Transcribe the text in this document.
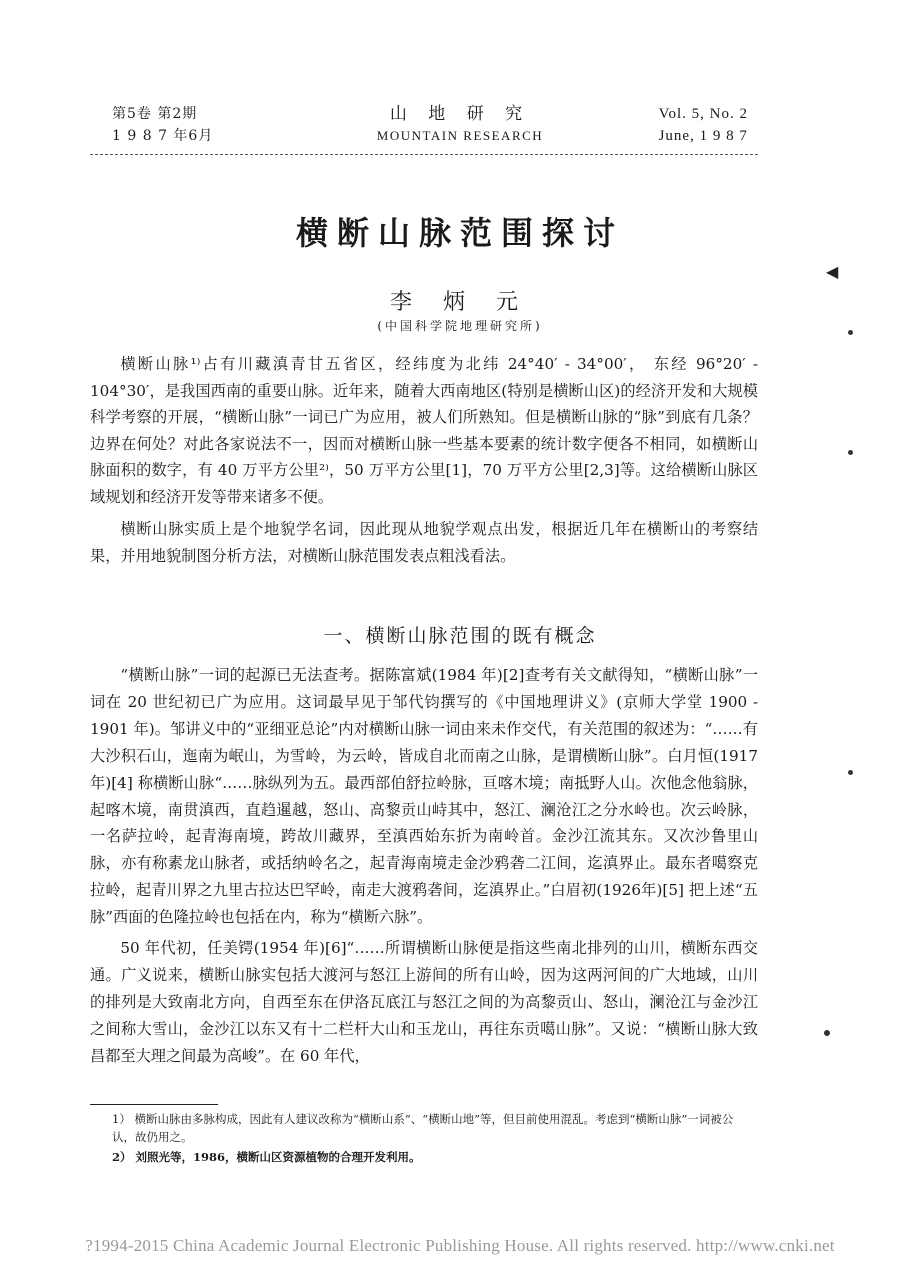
第5卷 第2期
1 9 8 7 年6月
山 地 研 究
MOUNTAIN RESEARCH
Vol. 5, No. 2
June, 1 9 8 7
横断山脉范围探讨
李 炳 元
(中国科学院地理研究所)

横断山脉¹⁾占有川藏滇青甘五省区，经纬度为北纬 24°40′ - 34°00′， 东经 96°20′ - 104°30′，是我国西南的重要山脉。近年来，随着大西南地区(特别是横断山区)的经济开发和大规模科学考察的开展，“横断山脉”一词已广为应用，被人们所熟知。但是横断山脉的“脉”到底有几条？边界在何处？对此各家说法不一，因而对横断山脉一些基本要素的统计数字便各不相同，如横断山脉面积的数字，有 40 万平方公里²⁾，50 万平方公里[1]，70 万平方公里[2,3]等。这给横断山脉区域规划和经济开发等带来诸多不便。

横断山脉实质上是个地貌学名词，因此现从地貌学观点出发，根据近几年在横断山的考察结果，并用地貌制图分析方法，对横断山脉范围发表点粗浅看法。

一、横断山脉范围的既有概念

“横断山脉”一词的起源已无法查考。据陈富斌(1984 年)[2]查考有关文献得知，“横断山脉”一词在 20 世纪初已广为应用。这词最早见于邹代钧撰写的《中国地理讲义》(京师大学堂 1900 - 1901 年)。邹讲义中的“亚细亚总论”内对横断山脉一词由来未作交代，有关范围的叙述为：“……有大沙积石山，迤南为岷山，为雪岭，为云岭，皆成自北而南之山脉，是谓横断山脉”。白月恒(1917 年)[4] 称横断山脉“……脉纵列为五。最西部伯舒拉岭脉，亘喀木境；南抵野人山。次他念他翁脉，起喀木境，南贯滇西，直趋暹越，怒山、高黎贡山峙其中，怒江、澜沧江之分水岭也。次云岭脉，一名萨拉岭，起青海南境，跨故川藏界，至滇西始东折为南岭首。金沙江流其东。又次沙鲁里山脉，亦有称素龙山脉者，或括纳岭名之，起青海南境走金沙鸦砻二江间，迄滇界止。最东者噶察克拉岭，起青川界之九里古拉达巴罕岭，南走大渡鸦砻间，迄滇界止。”白眉初(1926年)[5] 把上述“五脉”西面的色隆拉岭也包括在内，称为“横断六脉”。

50 年代初，任美锷(1954 年)[6]“……所谓横断山脉便是指这些南北排列的山川，横断东西交通。广义说来，横断山脉实包括大渡河与怒江上游间的所有山岭，因为这两河间的广大地域，山川的排列是大致南北方向，自西至东在伊洛瓦底江与怒江之间的为高黎贡山、怒山，澜沧江与金沙江之间称大雪山，金沙江以东又有十二栏杆大山和玉龙山，再往东贡噶山脉”。又说：“横断山脉大致昌都至大理之间最为高峻”。在 60 年代，

1） 横断山脉由多脉构成，因此有人建议改称为“横断山系”、“横断山地”等，但目前使用混乱。考虑到“横断山脉”一词被公认，故仍用之。
2） 刘照光等，1986，横断山区资源植物的合理开发利用。
◀
?1994-2015 China Academic Journal Electronic Publishing House. All rights reserved. http://www.cnki.net
